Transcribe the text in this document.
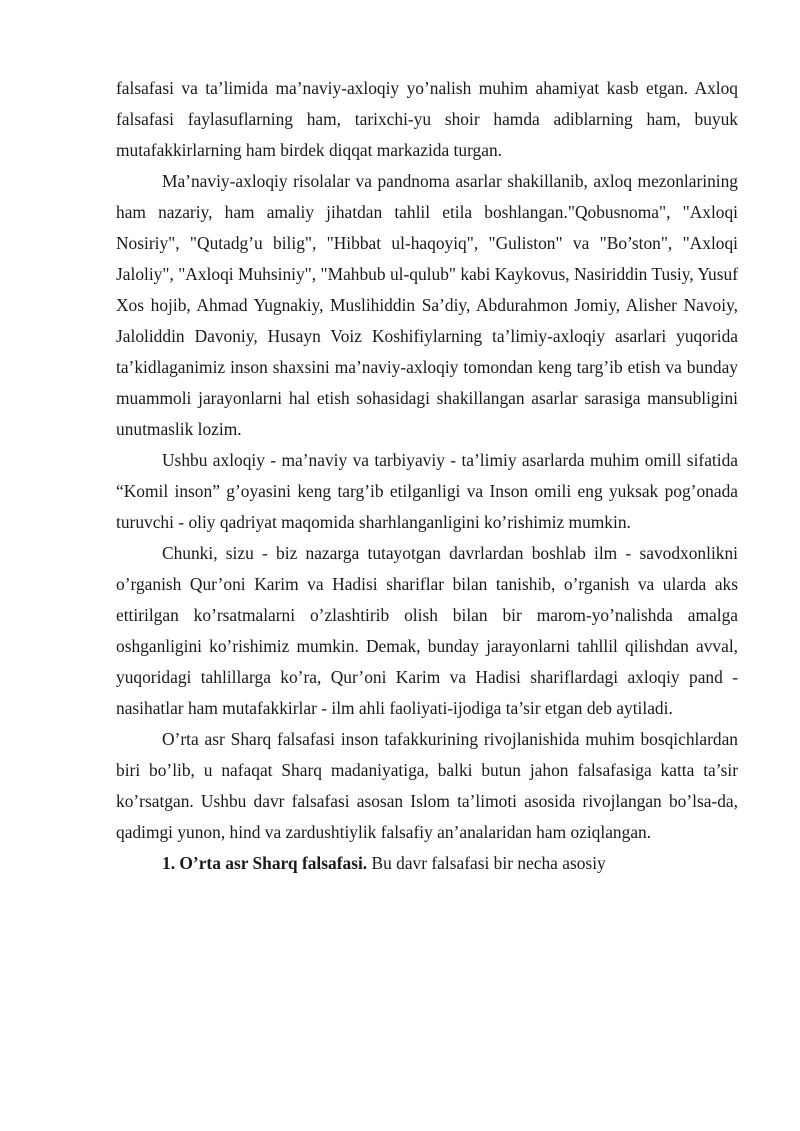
falsafasi va ta’limida ma’naviy-axloqiy yo’nalish muhim ahamiyat kasb etgan. Axloq falsafasi faylasuflarning ham, tarixchi-yu shoir hamda adiblarning ham, buyuk mutafakkirlarning ham birdek diqqat markazida turgan.

Ma’naviy-axloqiy risolalar va pandnoma asarlar shakillanib, axloq mezonlarining ham nazariy, ham amaliy jihatdan tahlil etila boshlangan."Qobusnoma", "Axloqi Nosiriy", "Qutadg’u bilig", "Hibbat ul-haqoyiq", "Guliston" va "Bo’ston", "Axloqi Jaloliy", "Axloqi Muhsiniy", "Mahbub ul-qulub" kabi Kaykovus, Nasiriddin Tusiy, Yusuf Xos hojib, Ahmad Yugnakiy, Muslihiddin Sa’diy, Abdurahmon Jomiy, Alisher Navoiy, Jaloliddin Davoniy, Husayn Voiz Koshifiylarning ta’limiy-axloqiy asarlari yuqorida ta’kidlaganimiz inson shaxsini ma’naviy-axloqiy tomondan keng targ’ib etish va bunday muammoli jarayonlarni hal etish sohasidagi shakillangan asarlar sarasiga mansubligini unutmaslik lozim.

Ushbu axloqiy - ma’naviy va tarbiyaviy - ta’limiy asarlarda muhim omill sifatida “Komil inson” g’oyasini keng targ’ib etilganligi va Inson omili eng yuksak pog’onada turuvchi - oliy qadriyat maqomida sharhlanganligini ko’rishimiz mumkin.

Chunki, sizu - biz nazarga tutayotgan davrlardan boshlab ilm - savodxonlikni o’rganish Qur’oni Karim va Hadisi shariflar bilan tanishib, o’rganish va ularda aks ettirilgan ko’rsatmalarni o’zlashtirib olish bilan bir marom-yo’nalishda amalga oshganligini ko’rishimiz mumkin. Demak, bunday jarayonlarni tahllil qilishdan avval, yuqoridagi tahlillarga ko’ra, Qur’oni Karim va Hadisi shariflardagi axloqiy pand -nasihatlar ham mutafakkirlar - ilm ahli faoliyati-ijodiga ta’sir etgan deb aytiladi.

O’rta asr Sharq falsafasi inson tafakkurining rivojlanishida muhim bosqichlardan biri bo’lib, u nafaqat Sharq madaniyatiga, balki butun jahon falsafasiga katta ta’sir ko’rsatgan. Ushbu davr falsafasi asosan Islom ta’limoti asosida rivojlangan bo’lsa-da, qadimgi yunon, hind va zardushtiylik falsafiy an’analaridan ham oziqlangan.

1. O’rta asr Sharq falsafasi. Bu davr falsafasi bir necha asosiy
